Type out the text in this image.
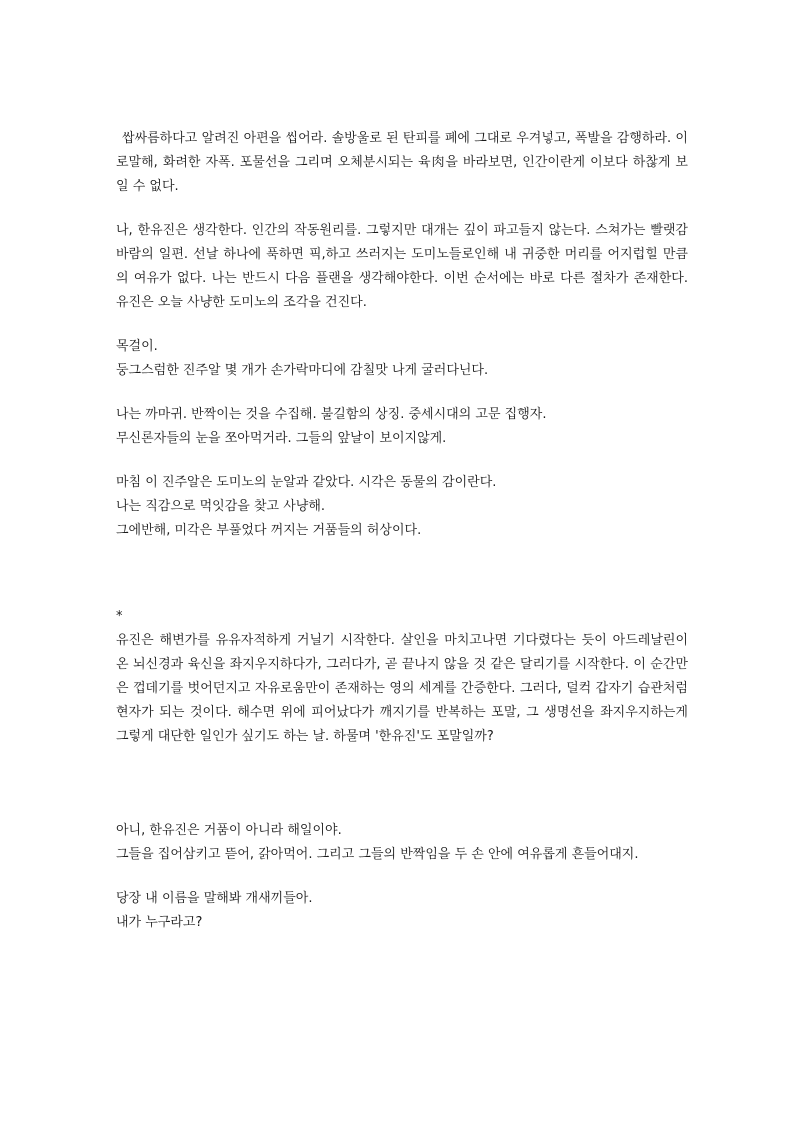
쌉싸름하다고 알려진 아편을 씹어라. 솔방울로 된 탄피를 폐에 그대로 우겨넣고, 폭발을 감행하라. 이로말해, 화려한 자폭. 포물선을 그리며 오체분시되는 육肉을 바라보면, 인간이란게 이보다 하찮게 보일 수 없다.

나, 한유진은 생각한다. 인간의 작동원리를. 그렇지만 대개는 깊이 파고들지 않는다. 스쳐가는 빨랫감 바람의 일편. 선날 하나에 푹하면 픽,하고 쓰러지는 도미노들로인해 내 귀중한 머리를 어지럽힐 만큼의 여유가 없다. 나는 반드시 다음 플랜을 생각해야한다. 이번 순서에는 바로 다른 절차가 존재한다. 유진은 오늘 사냥한 도미노의 조각을 건진다.

목걸이.
둥그스럼한 진주알 몇 개가 손가락마디에 감칠맛 나게 굴러다닌다.

나는 까마귀. 반짝이는 것을 수집해. 불길함의 상징. 중세시대의 고문 집행자.
무신론자들의 눈을 쪼아먹거라. 그들의 앞날이 보이지않게.

마침 이 진주알은 도미노의 눈알과 같았다. 시각은 동물의 감이란다.
나는 직감으로 먹잇감을 찾고 사냥해.
그에반해, 미각은 부풀었다 꺼지는 거품들의 허상이다.

*
유진은 해변가를 유유자적하게 거닐기 시작한다. 살인을 마치고나면 기다렸다는 듯이 아드레날린이 온 뇌신경과 육신을 좌지우지하다가, 그러다가, 곧 끝나지 않을 것 같은 달리기를 시작한다. 이 순간만은 껍데기를 벗어던지고 자유로움만이 존재하는 영의 세계를 간증한다. 그러다, 덜컥 갑자기 습관처럼 현자가 되는 것이다. 해수면 위에 피어났다가 깨지기를 반복하는 포말, 그 생명선을 좌지우지하는게 그렇게 대단한 일인가 싶기도 하는 날. 하물며 '한유진'도 포말일까?

아니, 한유진은 거품이 아니라 해일이야.
그들을 집어삼키고 뜯어, 갉아먹어. 그리고 그들의 반짝임을 두 손 안에 여유롭게 흔들어대지.

당장 내 이름을 말해봐 개새끼들아.
내가 누구라고?
